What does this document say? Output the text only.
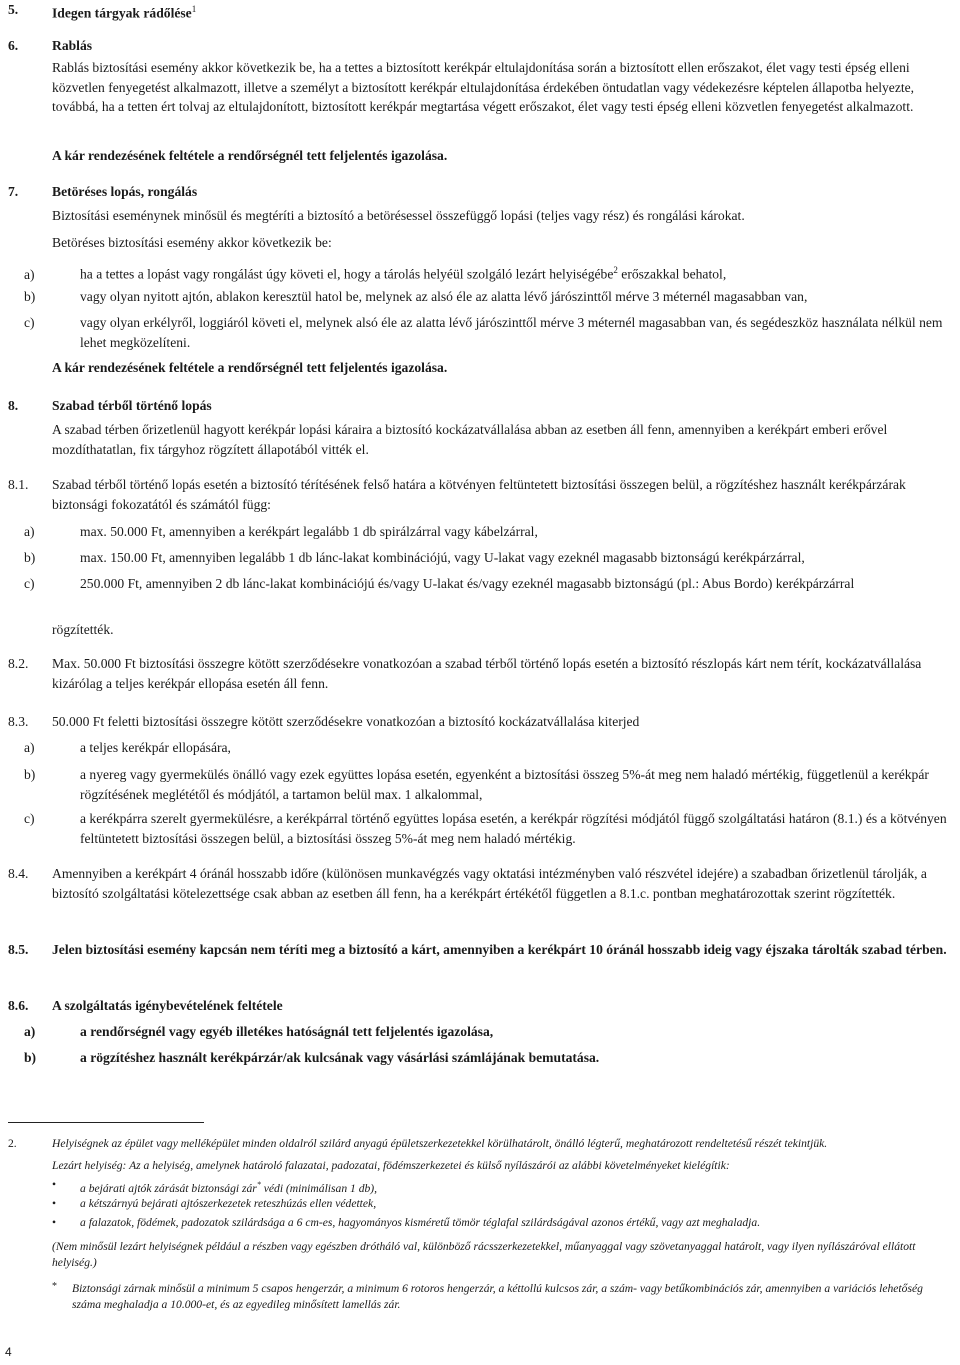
5. Idegen tárgyak rádőlése$^1$
6. Rablás
Rablás biztosítási esemény akkor következik be, ha a tettes a biztosított kerékpár eltulajdonítása során a biztosított ellen erőszakot, élet vagy testi épség elleni közvetlen fenyegetést alkalmazott, illetve a személyt a biztosított kerékpár eltulajdonítása érdekében öntudatlan vagy védekezésre képtelen állapotba helyezte, továbbá, ha a tetten ért tolvaj az eltulajdonított, biztosított kerékpár megtartása végett erőszakot, élet vagy testi épség elleni közvetlen fenyegetést alkalmazott.
A kár rendezésének feltétele a rendőrségnél tett feljelentés igazolása.
7. Betöréses lopás, rongálás
Biztosítási eseménynek minősül és megtéríti a biztosító a betörésessel összefüggő lopási (teljes vagy rész) és rongálási károkat.
Betöréses biztosítási esemény akkor következik be:
a)	ha a tettes a lopást vagy rongálást úgy követi el, hogy a tárolás helyéül szolgáló lezárt helyiségébe$^2$ erőszakkal behatol,
b)	vagy olyan nyitott ajtón, ablakon keresztül hatol be, melynek az alsó éle az alatta lévő járószinttől mérve 3 méternél magasabban van,
c)	vagy olyan erkélyről, loggiáról követi el, melynek alsó éle az alatta lévő járószinttől mérve 3 méternél magasabban van, és segédeszköz használata nélkül nem lehet megközelíteni.
A kár rendezésének feltétele a rendőrségnél tett feljelentés igazolása.
8. Szabad térből történő lopás
A szabad térben őrizetlenül hagyott kerékpár lopási káraira a biztosító kockázatvállalása abban az esetben áll fenn, amennyiben a kerékpárt emberi erővel mozdíthatatlan, fix tárgyhoz rögzített állapotából vitték el.
8.1. Szabad térből történő lopás esetén a biztosító térítésének felső határa a kötvényen feltüntetett biztosítási összegen belül, a rögzítéshez használt kerékpárzárak biztonsági fokozatától és számától függ:
a)	max. 50.000 Ft, amennyiben a kerékpárt legalább 1 db spirálzárral vagy kábelzárral,
b)	max. 150.00 Ft, amennyiben legalább 1 db lánc-lakat kombinációjú, vagy U-lakat vagy ezeknél magasabb biztonságú kerékpárzárral,
c)	250.000 Ft, amennyiben 2 db lánc-lakat kombinációjú és/vagy U-lakat és/vagy ezeknél magasabb biztonságú (pl.: Abus Bordo) kerékpárzárral
rögzítették.
8.2. Max. 50.000 Ft biztosítási összegre kötött szerződésekre vonatkozóan a szabad térből történő lopás esetén a biztosító részlopás kárt nem térít, kockázatvállalása kizárólag a teljes kerékpár ellopása esetén áll fenn.
8.3. 50.000 Ft feletti biztosítási összegre kötött szerződésekre vonatkozóan a biztosító kockázatvállalása kiterjed
a)	a teljes kerékpár ellopására,
b)	a nyereg vagy gyermekülés önálló vagy ezek együttes lopása esetén, egyenként a biztosítási összeg 5%-át meg nem haladó mértékig, függetlenül a kerékpár rögzítésének meglététől és módjától, a tartamon belül max. 1 alkalommal,
c)	a kerékpárra szerelt gyermekülésre, a kerékpárral történő együttes lopása esetén, a kerékpár rögzítési módjától függő szolgáltatási határon (8.1.) és a kötvényen feltüntetett biztosítási összegen belül, a biztosítási összeg 5%-át meg nem haladó mértékig.
8.4. Amennyiben a kerékpárt 4 óránál hosszabb időre (különösen munkavégzés vagy oktatási intézményben való részvétel idejére) a szabadban őrizetlenül tárolják, a biztosító szolgáltatási kötelezettsége csak abban az esetben áll fenn, ha a kerékpárt értékétől független a 8.1.c. pontban meghatározottak szerint rögzítették.
8.5. Jelen biztosítási esemény kapcsán nem téríti meg a biztosító a kárt, amennyiben a kerékpárt 10 óránál hosszabb ideig vagy éjszaka tárolták szabad térben.
8.6. A szolgáltatás igénybevételének feltétele
a)	a rendőrségnél vagy egyéb illetékes hatóságnál tett feljelentés igazolása,
b)	a rögzítéshez használt kerékpárzár/ak kulcsának vagy vásárlási számlájának bemutatása.
2.	Helyiségnek az épület vagy melléképület minden oldalról szilárd anyagú épületszerkezetekkel körülhatárolt, önálló légterű, meghatározott rendeltetésű részét tekintjük.
Lezárt helyiség: Az a helyiség, amelynek határoló falazatai, padozatai, födémszerkezetei és külső nyílászárói az alábbi követelményeket kielégítik:
• a bejárati ajtók zárását biztonsági zár* védi (minimálisan 1 db),
• a kétszárnyú bejárati ajtószerkezetek reteszhúzás ellen védettek,
• a falazatok, födémek, padozatok szilárdsága a 6 cm-es, hagyományos kisméretű tömör téglafal szilárdságával azonos értékű, vagy azt meghaladja.
(Nem minősül lezárt helyiségnek például a részben vagy egészben drótháló val, különböző rácsszerkezetekkel, műanyaggal vagy szövetanyaggal határolt, vagy ilyen nyílászáróval ellátott helyiség.)
* Biztonsági zárnak minősül a minimum 5 csapos hengerzár, a minimum 6 rotoros hengerzár, a kéttollú kulcsos zár, a szám- vagy betűkombinációs zár, amennyiben a variációs lehetőség száma meghaladja a 10.000-et, és az egyedileg minősített lamellás zár.
4
